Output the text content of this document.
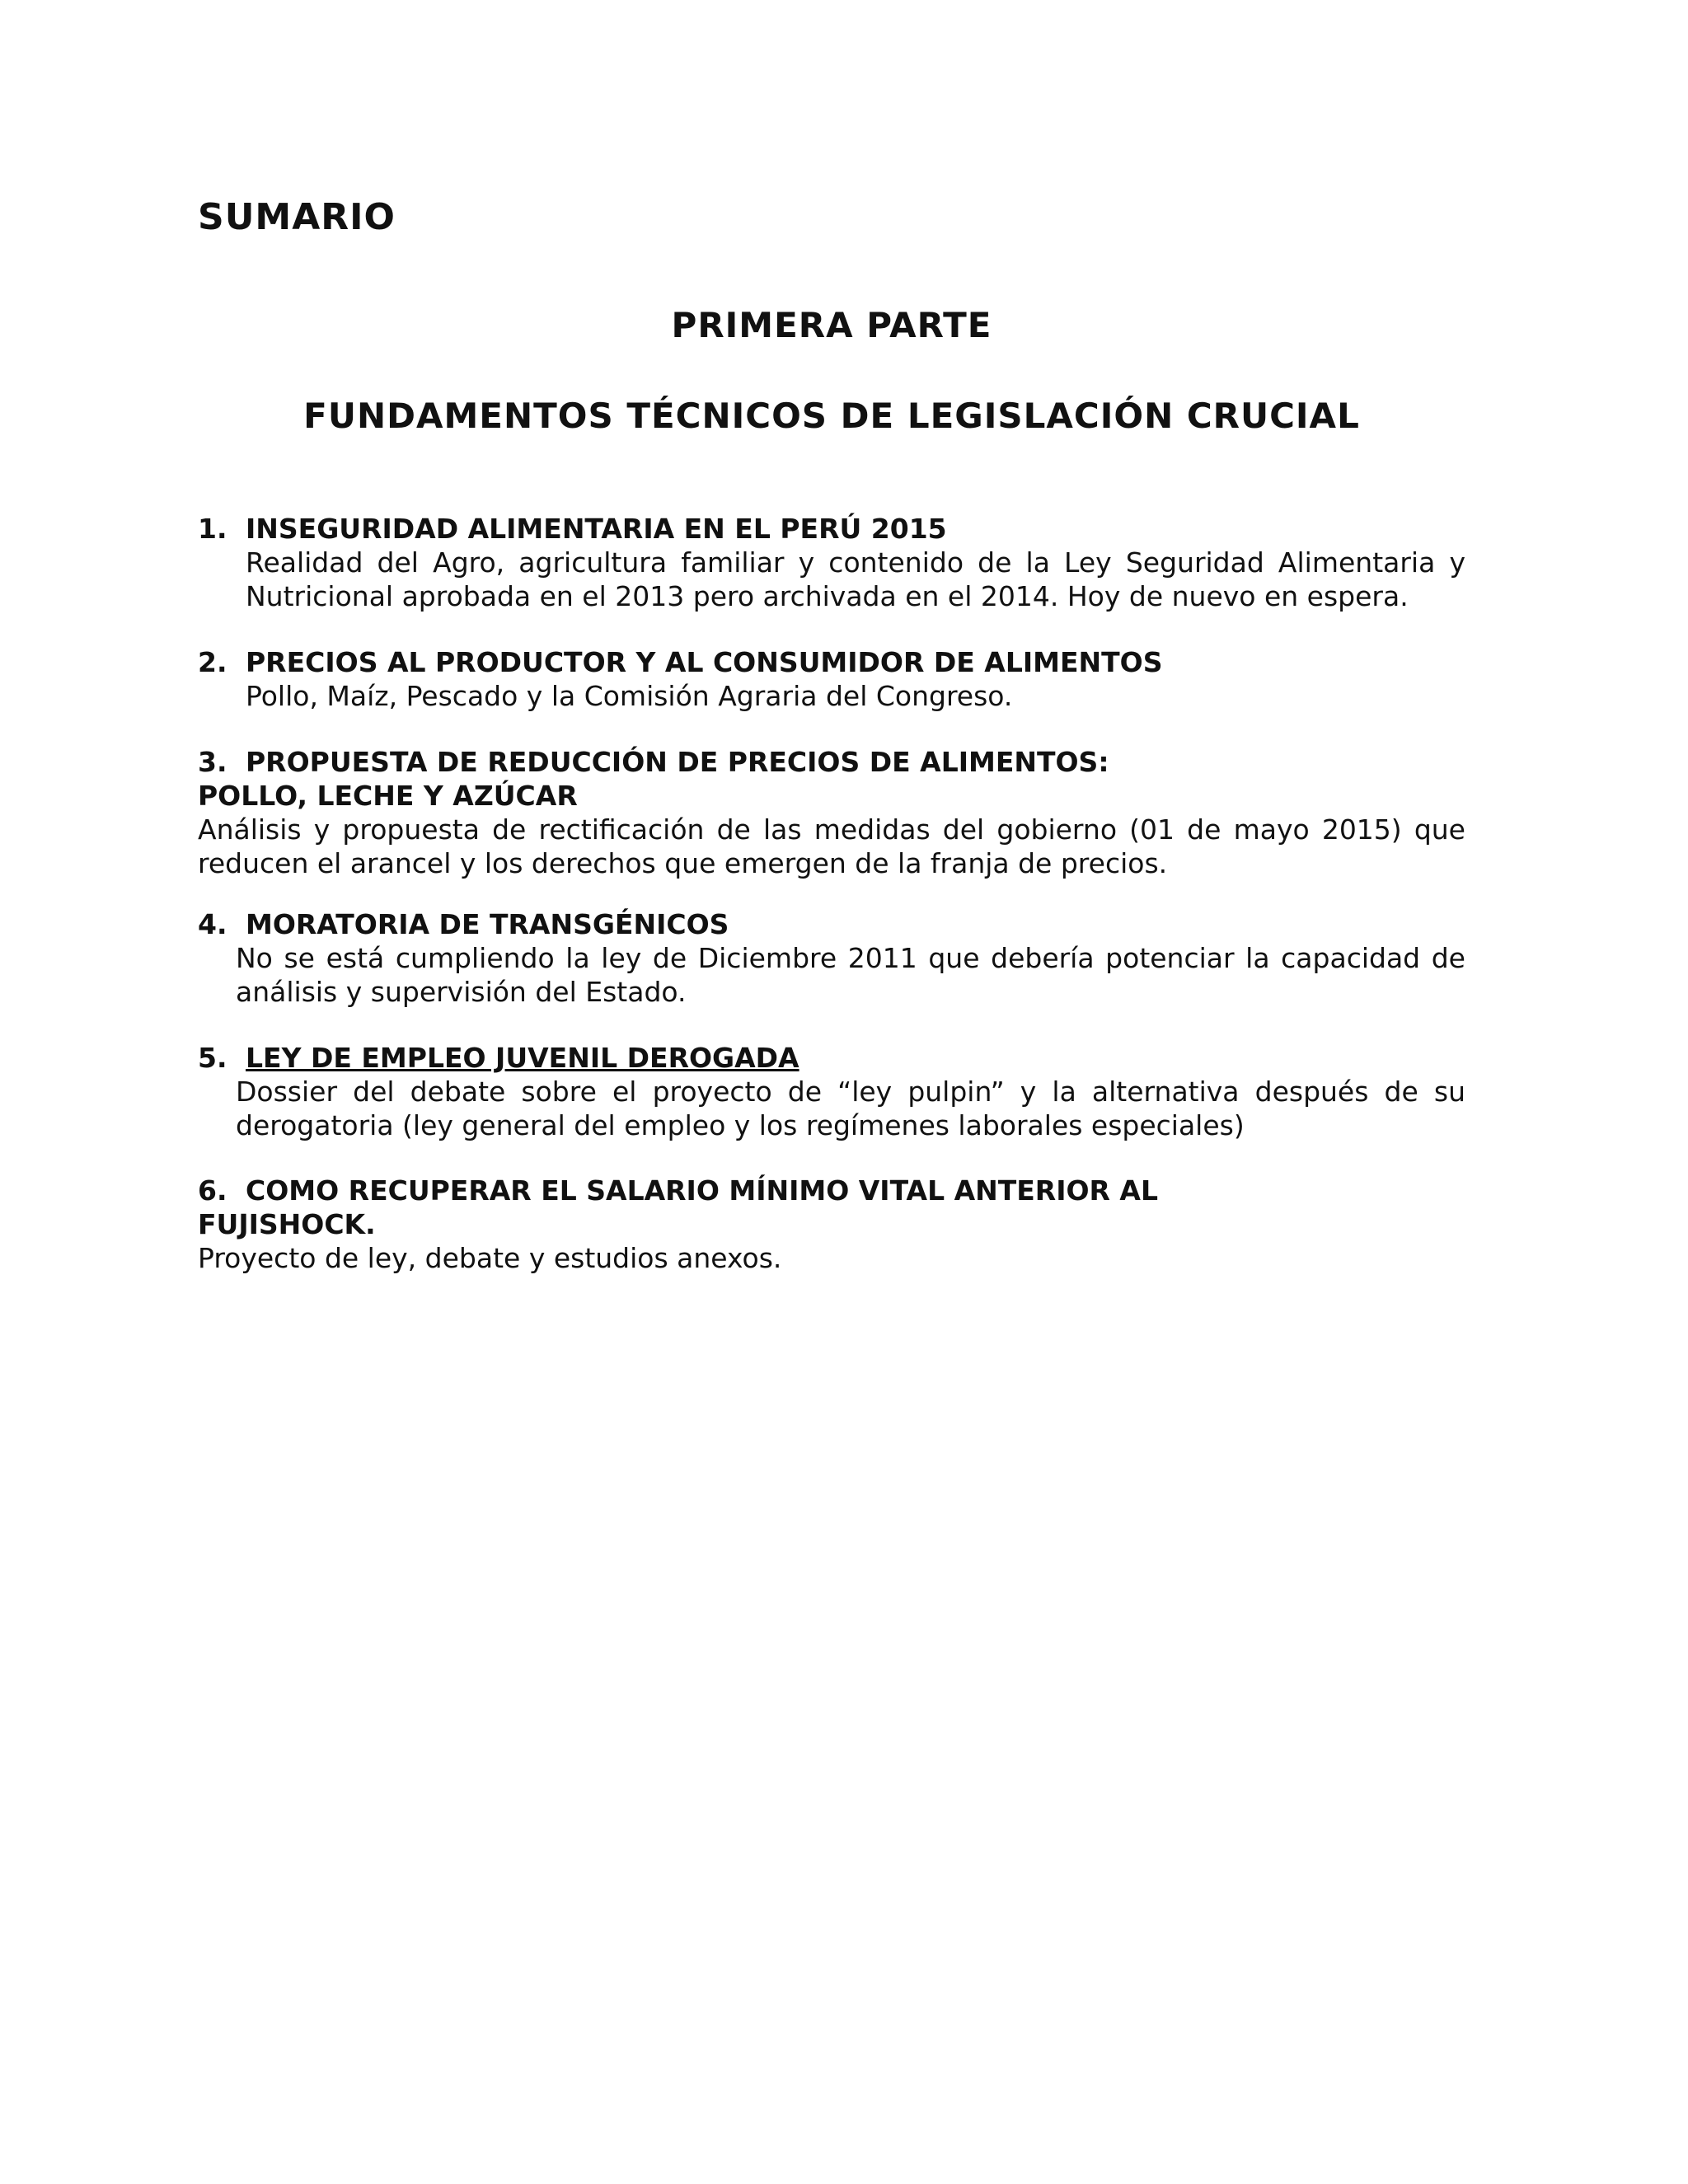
SUMARIO
PRIMERA PARTE
FUNDAMENTOS TÉCNICOS DE LEGISLACIÓN CRUCIAL

1. INSEGURIDAD ALIMENTARIA EN EL PERÚ 2015

Realidad del Agro, agricultura familiar y contenido de la Ley Seguridad Alimentaria y Nutricional aprobada en el 2013 pero archivada en el 2014. Hoy de nuevo en espera.

2. PRECIOS AL PRODUCTOR Y AL CONSUMIDOR DE ALIMENTOS

Pollo, Maíz, Pescado y la Comisión Agraria del Congreso.

3. PROPUESTA DE REDUCCIÓN DE PRECIOS DE ALIMENTOS:

POLLO, LECHE Y AZÚCAR

Análisis y propuesta de rectificación de las medidas del gobierno (01 de mayo 2015) que reducen el arancel y los derechos que emergen de la franja de precios.

4. MORATORIA DE TRANSGÉNICOS

No se está cumpliendo la ley de Diciembre 2011 que debería potenciar la capacidad de análisis y supervisión del Estado.

5. LEY DE EMPLEO JUVENIL DEROGADA

Dossier del debate sobre el proyecto de “ley pulpin” y la alternativa después de su derogatoria (ley general del empleo y los regímenes laborales especiales)

6. COMO RECUPERAR EL SALARIO MÍNIMO VITAL ANTERIOR AL

FUJISHOCK.

Proyecto de ley, debate y estudios anexos.
